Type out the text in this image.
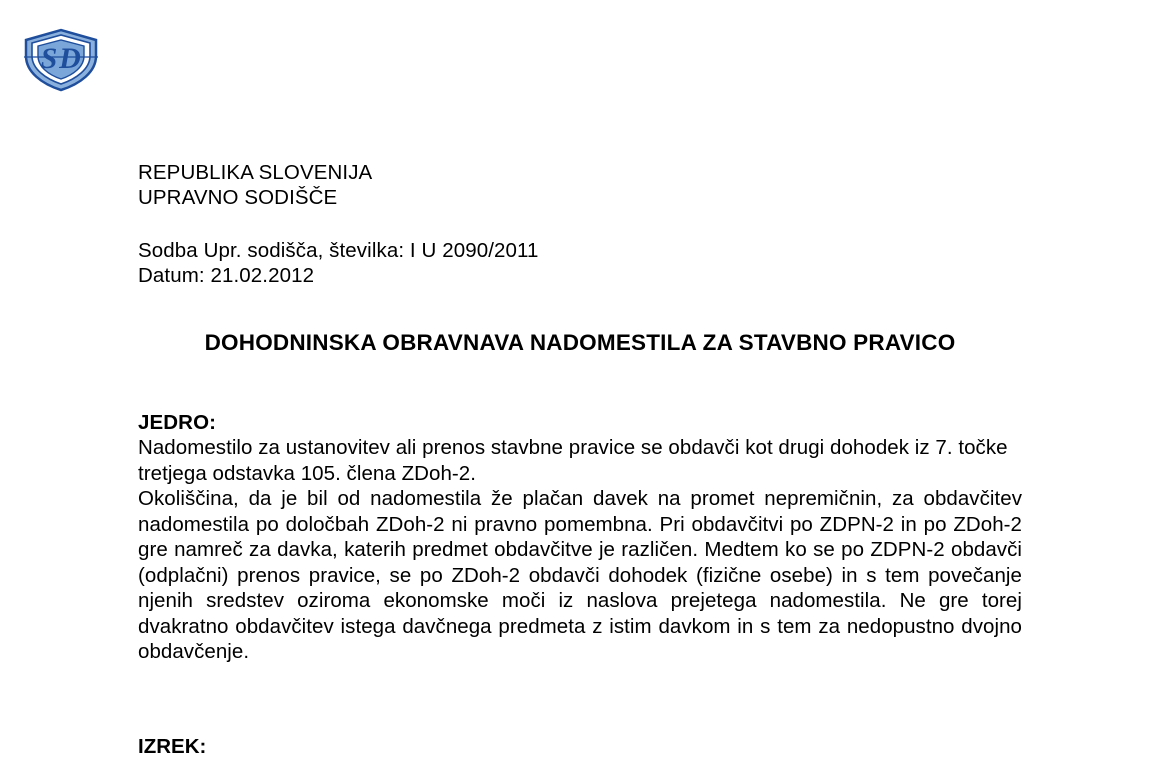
S D
REPUBLIKA SLOVENIJA
UPRAVNO SODIŠČE
Sodba Upr. sodišča, številka: I U 2090/2011
Datum: 21.02.2012
DOHODNINSKA OBRAVNAVA NADOMESTILA ZA STAVBNO PRAVICO
JEDRO:

Nadomestilo za ustanovitev ali prenos stavbne pravice se obdavči kot drugi dohodek iz 7. točke tretjega odstavka 105. člena ZDoh-2.

Okoliščina, da je bil od nadomestila že plačan davek na promet nepremičnin, za obdavčitev nadomestila po določbah ZDoh-2 ni pravno pomembna. Pri obdavčitvi po ZDPN-2 in po ZDoh-2 gre namreč za davka, katerih predmet obdavčitve je različen. Medtem ko se po ZDPN-2 obdavči (odplačni) prenos pravice, se po ZDoh-2 obdavči dohodek (fizične osebe) in s tem povečanje njenih sredstev oziroma ekonomske moči iz naslova prejetega nadomestila. Ne gre torej dvakratno obdavčitev istega davčnega predmeta z istim davkom in s tem za nedopustno dvojno obdavčenje.

IZREK:
